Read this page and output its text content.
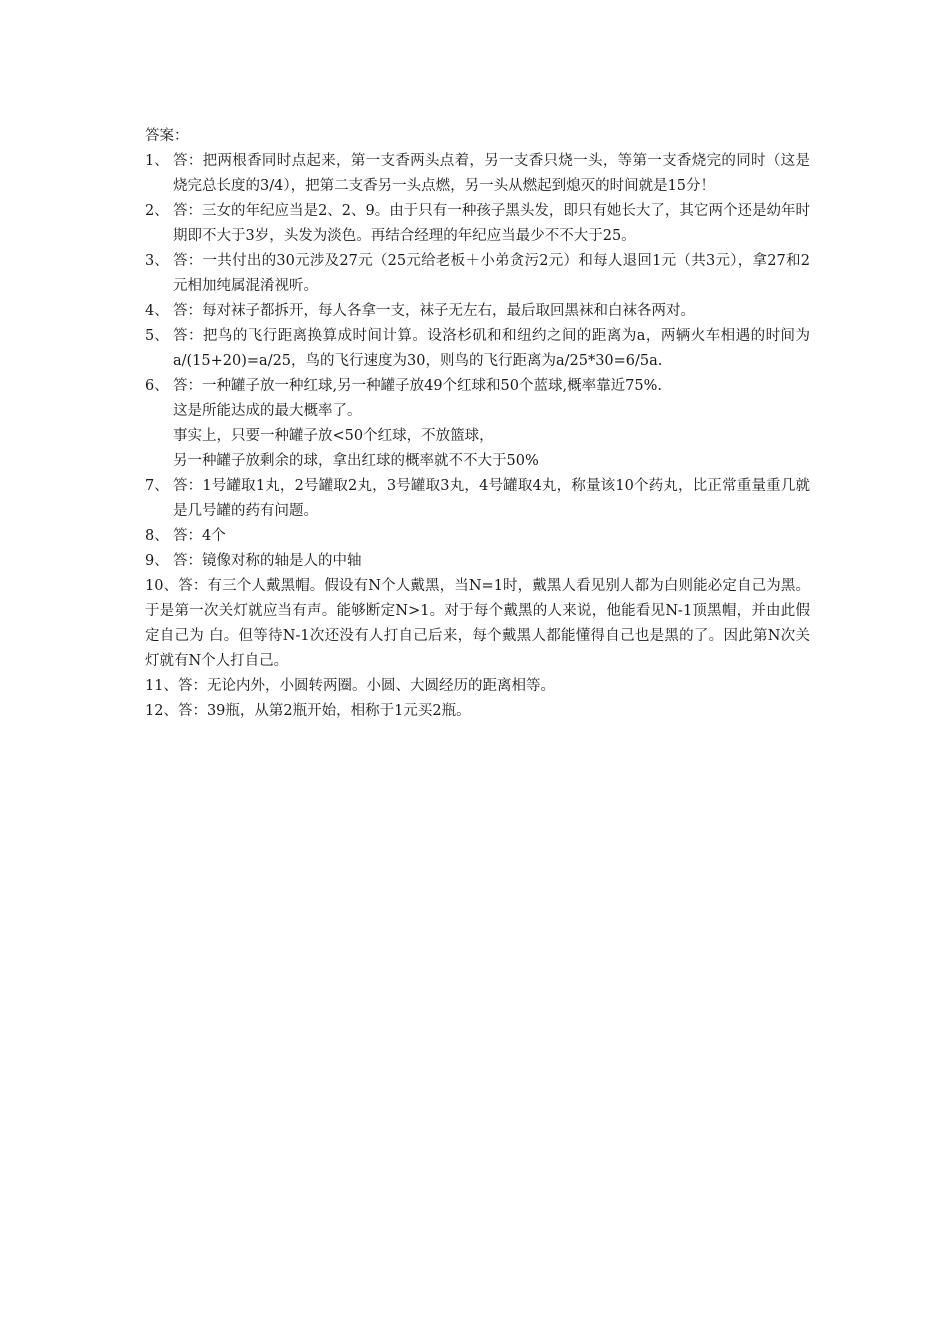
答案：

1、 答：把两根香同时点起来，第一支香两头点着，另一支香只烧一头，等第一支香烧完的同时（这是烧完总长度的3/4），把第二支香另一头点燃，另一头从燃起到熄灭的时间就是15分！

2、 答：三女的年纪应当是2、2、9。由于只有一种孩子黑头发，即只有她长大了，其它两个还是幼年时期即不大于3岁，头发为淡色。再结合经理的年纪应当最少不不大于25。

3、 答：一共付出的30元涉及27元（25元给老板＋小弟贪污2元）和每人退回1元（共3元），拿27和2元相加纯属混淆视听。

4、 答：每对袜子都拆开，每人各拿一支，袜子无左右，最后取回黑袜和白袜各两对。

5、 答：把鸟的飞行距离换算成时间计算。设洛杉矶和和纽约之间的距离为a，两辆火车相遇的时间为a/(15+20)=a/25，鸟的飞行速度为30，则鸟的飞行距离为a/25*30=6/5a.

6、 答：一种罐子放一种红球,另一种罐子放49个红球和50个蓝球,概率靠近75%.

这是所能达成的最大概率了。

事实上，只要一种罐子放<50个红球，不放篮球，

另一种罐子放剩余的球，拿出红球的概率就不不大于50%

7、 答：1号罐取1丸，2号罐取2丸，3号罐取3丸，4号罐取4丸，称量该10个药丸，比正常重量重几就是几号罐的药有问题。

8、 答：4个

9、 答：镜像对称的轴是人的中轴

10、答：有三个人戴黑帽。假设有N个人戴黑，当N=1时，戴黑人看见别人都为白则能必定自己为黑。于是第一次关灯就应当有声。能够断定N>1。对于每个戴黑的人来说，他能看见N-1顶黑帽，并由此假定自己为 白。但等待N-1次还没有人打自己后来，每个戴黑人都能懂得自己也是黑的了。因此第N次关灯就有N个人打自己。

11、答：无论内外，小圆转两圈。小圆、大圆经历的距离相等。

12、答：39瓶，从第2瓶开始，相称于1元买2瓶。
